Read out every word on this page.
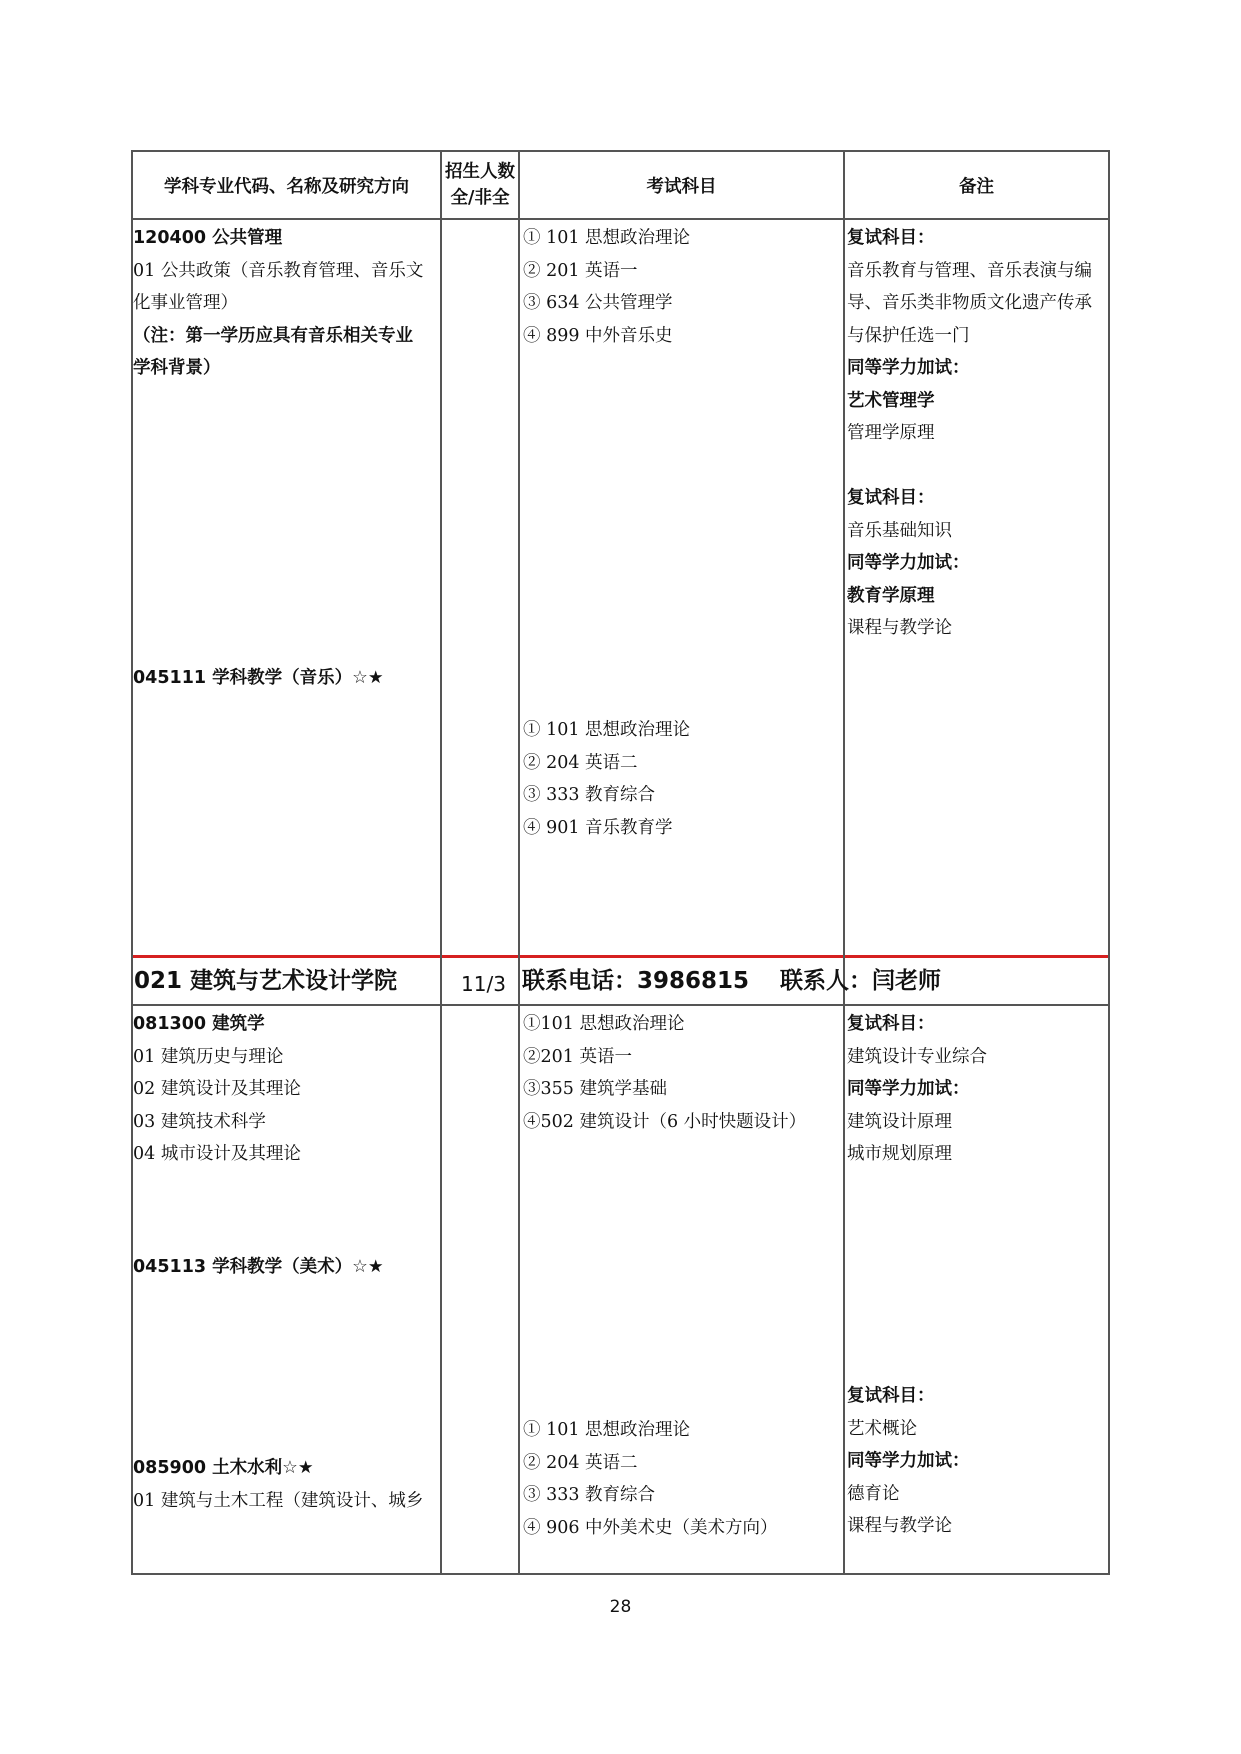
学科专业代码、名称及研究方向
招生人数
全/非全
考试科目	备注
120400 公共管理
01 公共政策（音乐教育管理、音乐文
化事业管理）
（注：第一学历应具有音乐相关专业
学科背景）
045111 学科教学（音乐）☆★
① 101 思想政治理论
② 201 英语一
③ 634 公共管理学
④ 899 中外音乐史
① 101 思想政治理论
② 204 英语二
③ 333 教育综合
④ 901 音乐教育学
复试科目：
音乐教育与管理、音乐表演与编
导、音乐类非物质文化遗产传承
与保护任选一门
同等学力加试：
艺术管理学
管理学原理
复试科目：
音乐基础知识
同等学力加试：
教育学原理
课程与教学论
021 建筑与艺术设计学院	11/3 联系电话：3986815 联系人：闫老师
081300 建筑学
01 建筑历史与理论
02 建筑设计及其理论
03 建筑技术科学
04 城市设计及其理论
045113 学科教学（美术）☆★
085900 土木水利☆★
01 建筑与土木工程（建筑设计、城乡
①101 思想政治理论
②201 英语一
③355 建筑学基础
④502 建筑设计（6 小时快题设计）
① 101 思想政治理论
② 204 英语二
③ 333 教育综合
④ 906 中外美术史（美术方向）
复试科目：
建筑设计专业综合
同等学力加试：
建筑设计原理
城市规划原理
复试科目：
艺术概论
同等学力加试：
德育论
课程与教学论
28
